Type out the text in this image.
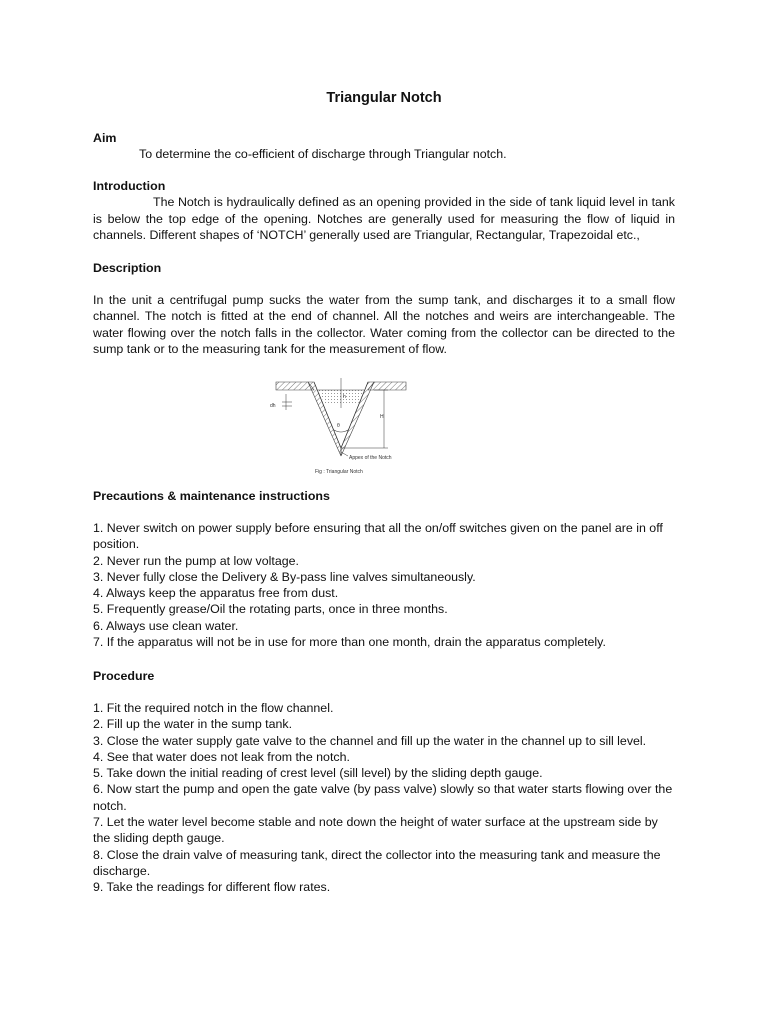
Triangular Notch

Aim

To determine the co-efficient of discharge through Triangular notch.

Introduction

The Notch is hydraulically defined as an opening provided in the side of tank liquid level in tank is below the top edge of the opening. Notches are generally used for measuring the flow of liquid in channels. Different shapes of ‘NOTCH’ generally used are Triangular, Rectangular, Trapezoidal etc.,

Description

In the unit a centrifugal pump sucks the water from the sump tank, and discharges it to a small flow channel. The notch is fitted at the end of channel. All the notches and weirs are interchangeable. The water flowing over the notch falls in the collector. Water coming from the collector can be directed to the sump tank or to the measuring tank for the measurement of flow.

h
θ
dh
H
Appex of the Notch
Fig : Triangular Notch

Precautions & maintenance instructions

1. Never switch on power supply before ensuring that all the on/off switches given on the panel are in off position.

2. Never run the pump at low voltage.

3. Never fully close the Delivery & By-pass line valves simultaneously.

4. Always keep the apparatus free from dust.

5. Frequently grease/Oil the rotating parts, once in three months.

6. Always use clean water.

7. If the apparatus will not be in use for more than one month, drain the apparatus completely.

Procedure

1. Fit the required notch in the flow channel.

2. Fill up the water in the sump tank.

3. Close the water supply gate valve to the channel and fill up the water in the channel up to sill level.

4. See that water does not leak from the notch.

5. Take down the initial reading of crest level (sill level) by the sliding depth gauge.

6. Now start the pump and open the gate valve (by pass valve) slowly so that water starts flowing over the notch.

7. Let the water level become stable and note down the height of water surface at the upstream side by the sliding depth gauge.

8. Close the drain valve of measuring tank, direct the collector into the measuring tank and measure the discharge.

9. Take the readings for different flow rates.
